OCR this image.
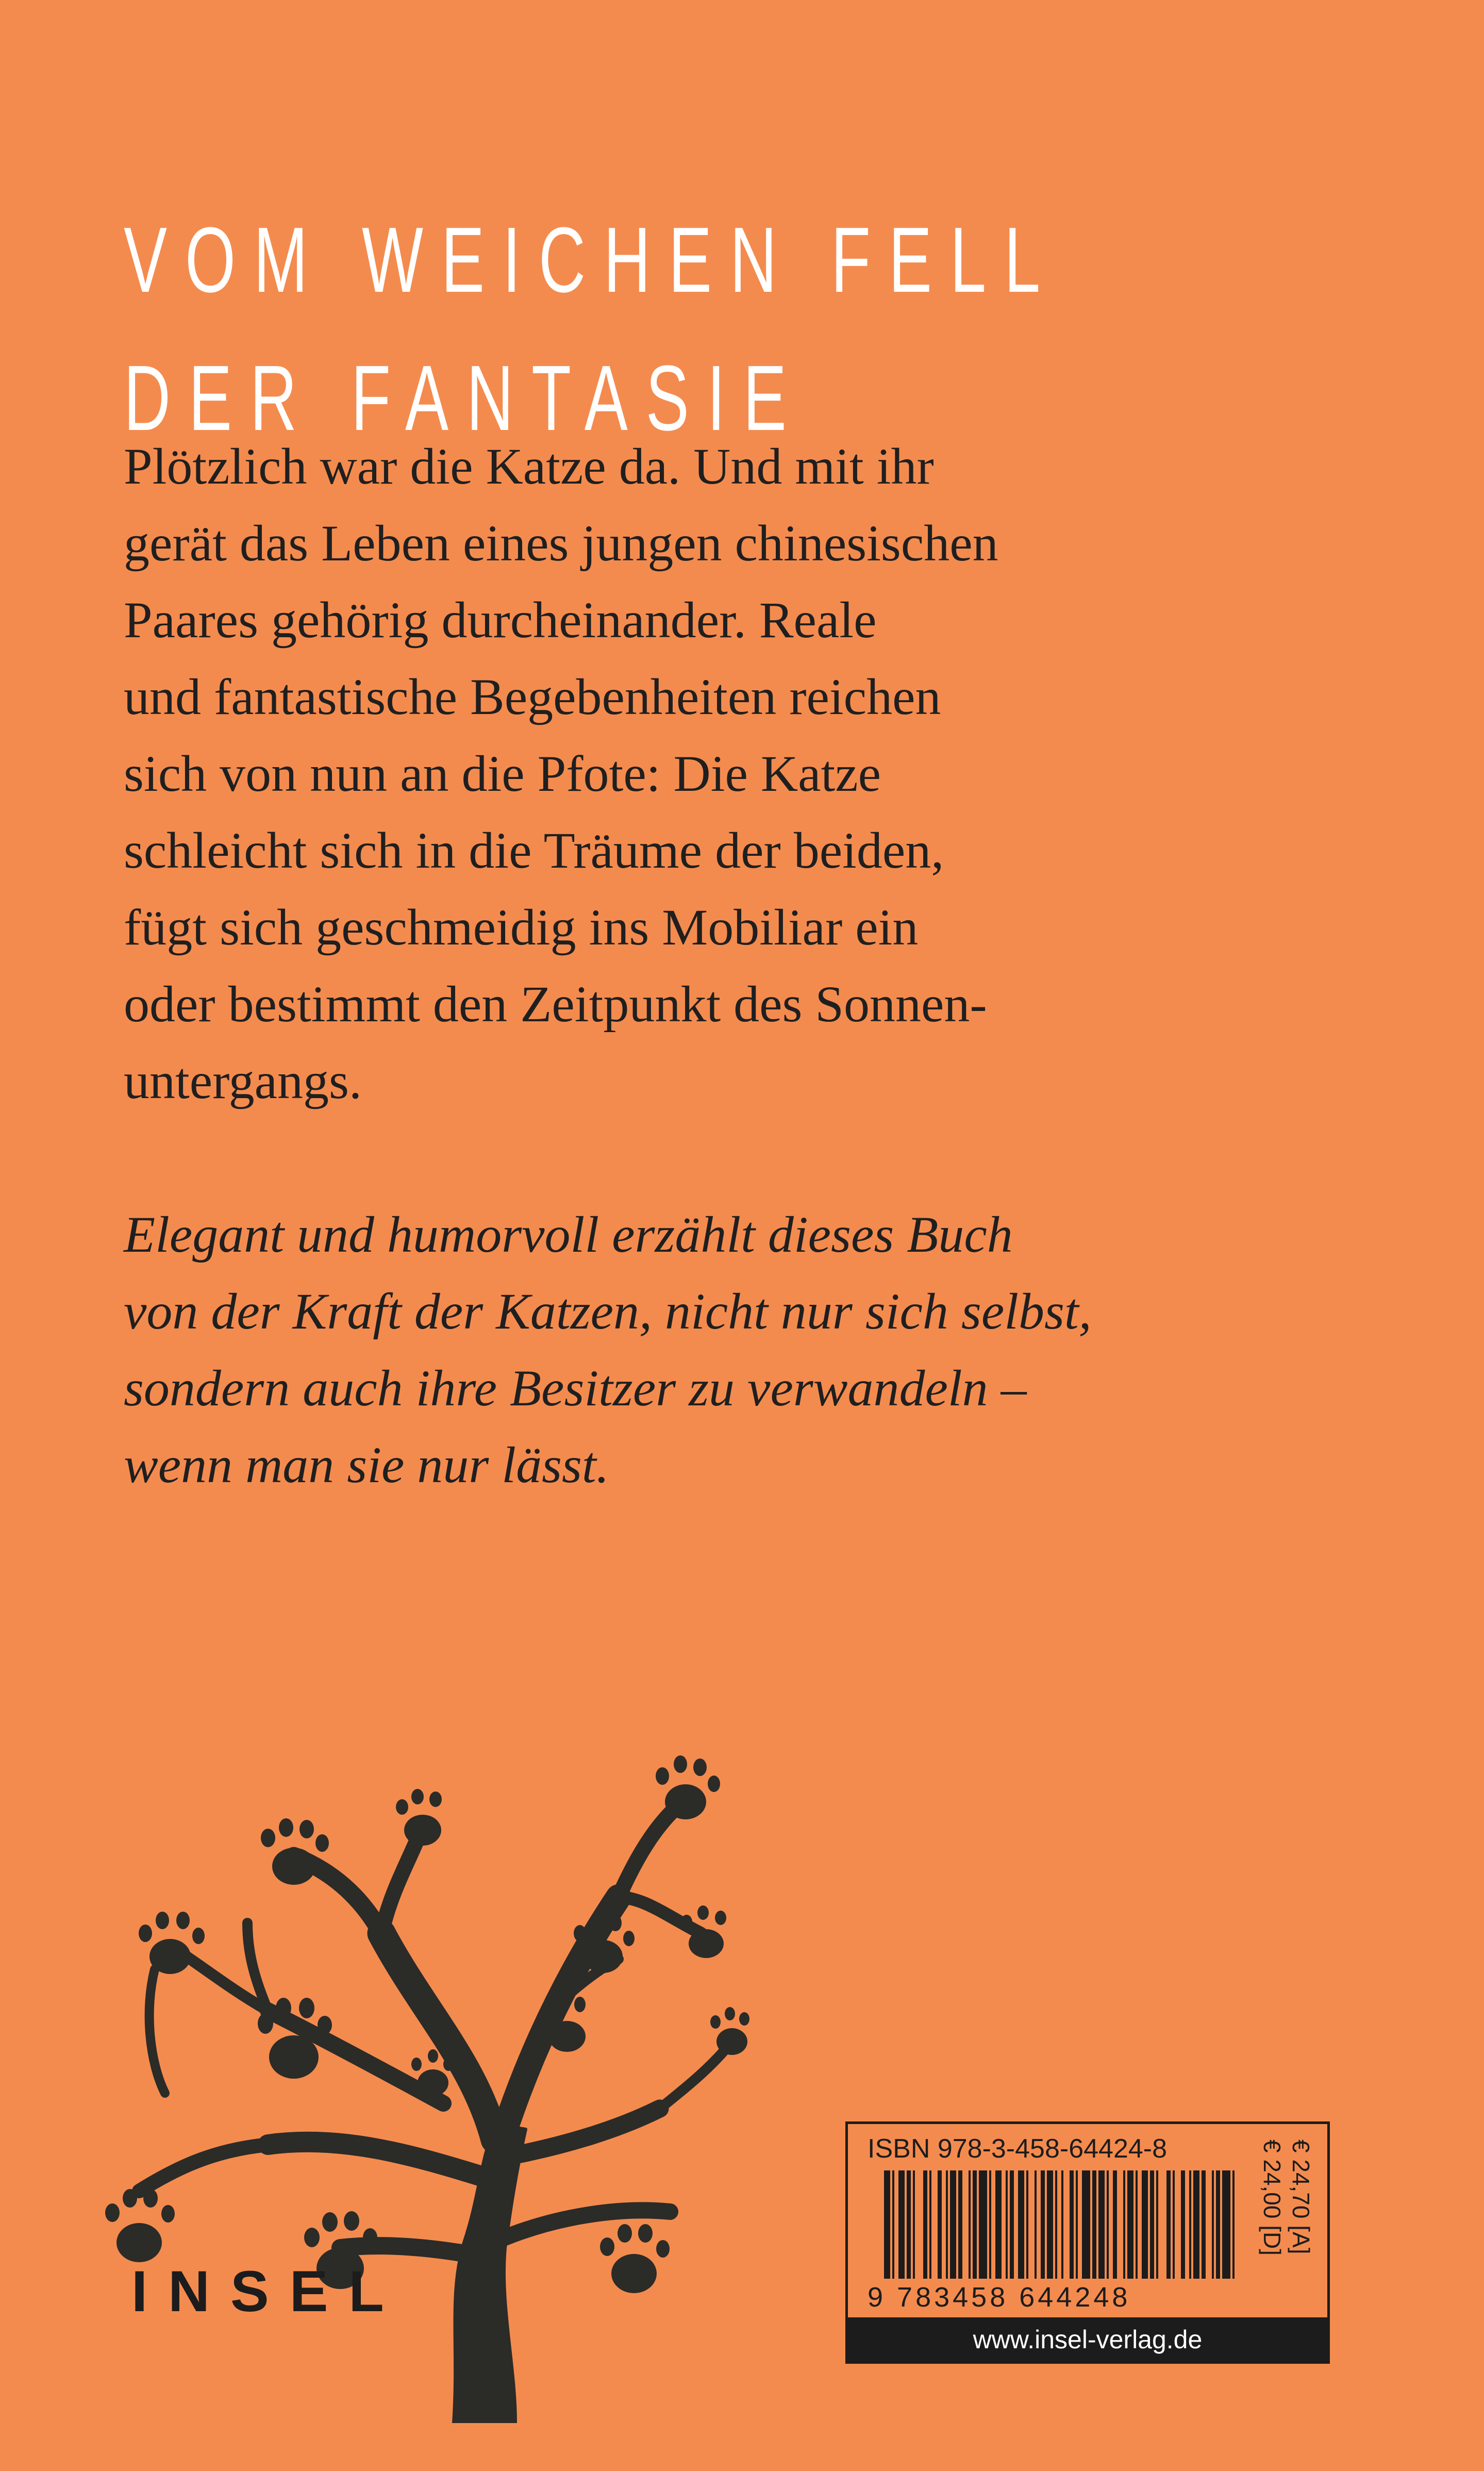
VOM WEICHEN FELL
DER FANTASIE

Plötzlich war die Katze da. Und mit ihr
gerät das Leben eines jungen chinesischen
Paares gehörig durcheinander. Reale
und fantastische Begebenheiten reichen
sich von nun an die Pfote: Die Katze
schleicht sich in die Träume der beiden,
fügt sich geschmeidig ins Mobiliar ein
oder bestimmt den Zeitpunkt des Sonnen-
untergangs.

Elegant und humorvoll erzählt dieses Buch
von der Kraft der Katzen, nicht nur sich selbst,
sondern auch ihre Besitzer zu verwandeln –
wenn man sie nur lässt.

INSEL
ISBN 978-3-458-64424-8
9 783458 644248
€ 24,00 [D] € 24,70 [A]
www.insel-verlag.de
